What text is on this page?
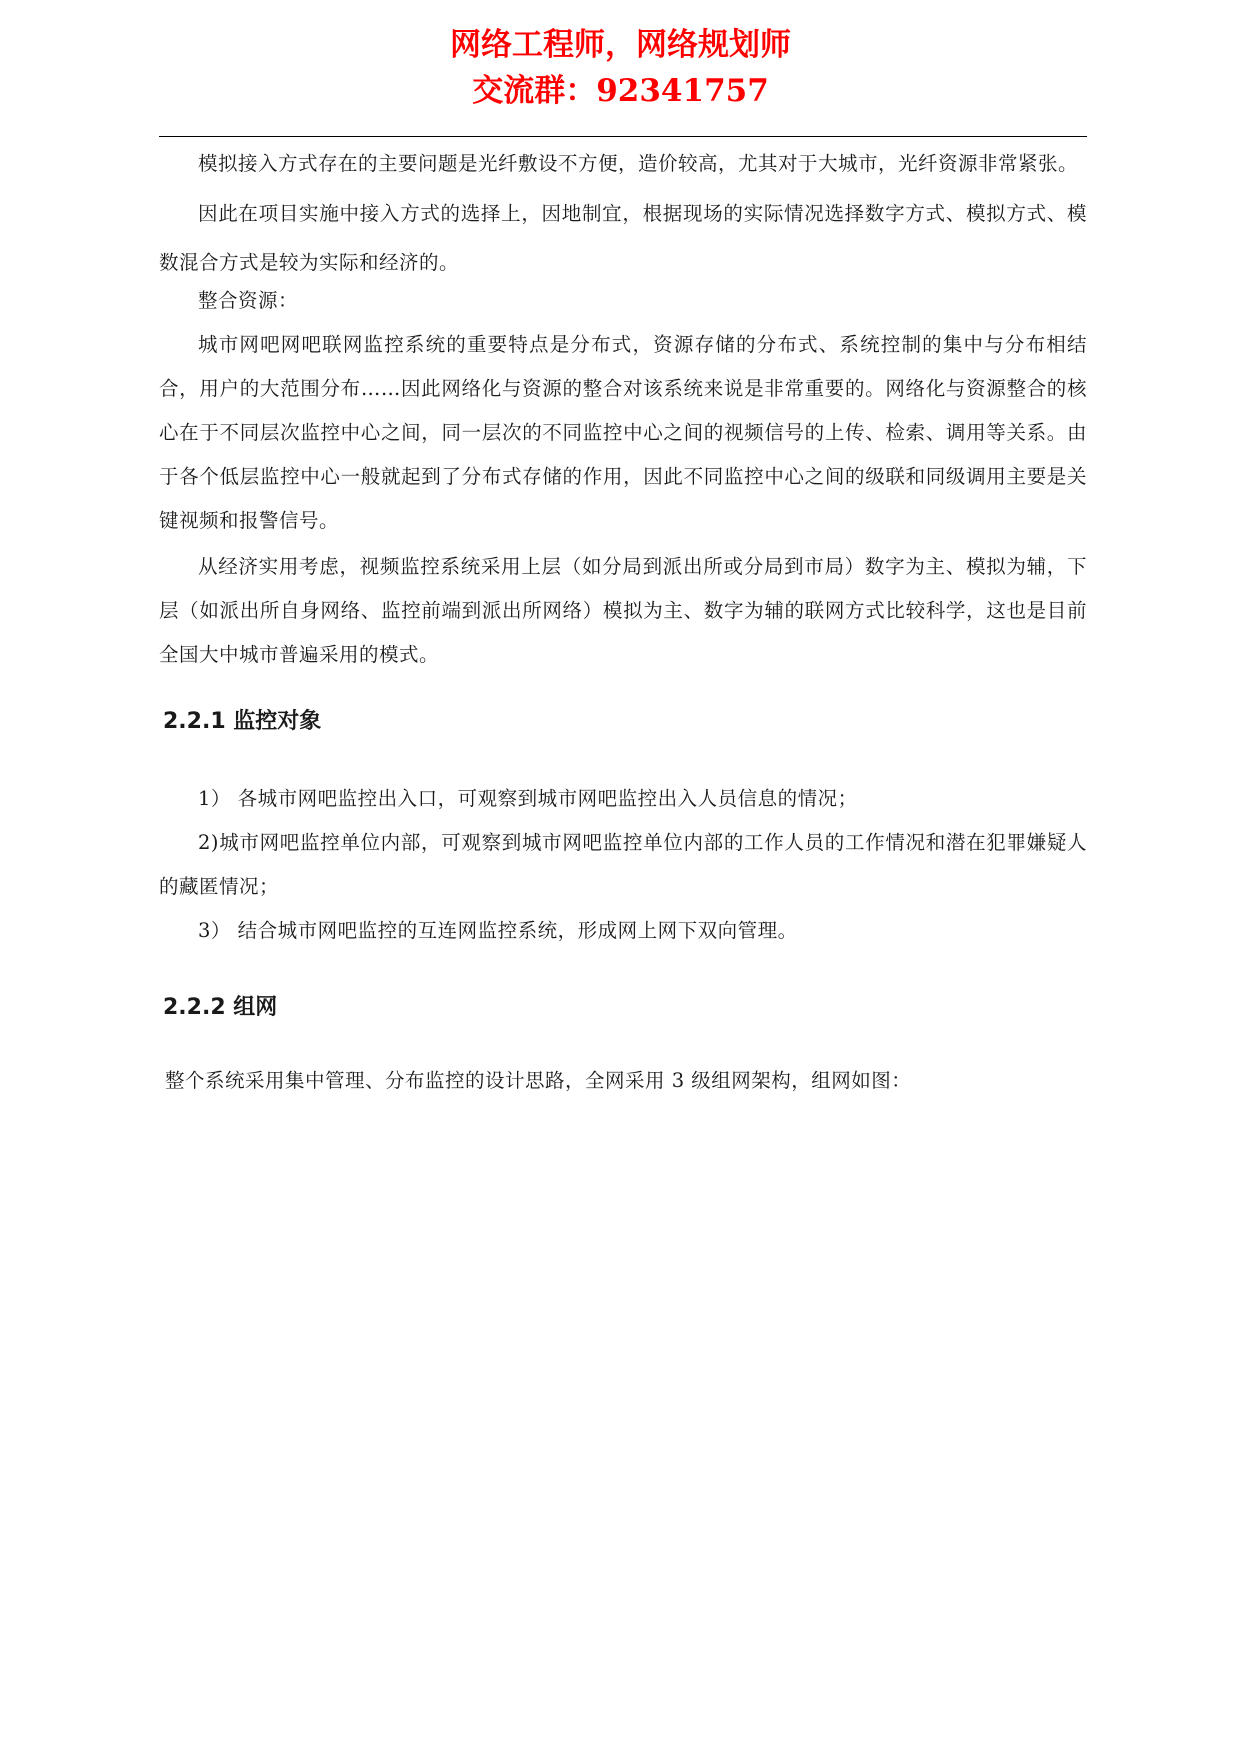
网络工程师，网络规划师
交流群：92341757

模拟接入方式存在的主要问题是光纤敷设不方便，造价较高，尤其对于大城市，光纤资源非常紧张。

因此在项目实施中接入方式的选择上，因地制宜，根据现场的实际情况选择数字方式、模拟方式、模数混合方式是较为实际和经济的。

整合资源：

城市网吧网吧联网监控系统的重要特点是分布式，资源存储的分布式、系统控制的集中与分布相结合，用户的大范围分布……因此网络化与资源的整合对该系统来说是非常重要的。网络化与资源整合的核心在于不同层次监控中心之间，同一层次的不同监控中心之间的视频信号的上传、检索、调用等关系。由于各个低层监控中心一般就起到了分布式存储的作用，因此不同监控中心之间的级联和同级调用主要是关键视频和报警信号。

从经济实用考虑，视频监控系统采用上层（如分局到派出所或分局到市局）数字为主、模拟为辅，下层（如派出所自身网络、监控前端到派出所网络）模拟为主、数字为辅的联网方式比较科学，这也是目前全国大中城市普遍采用的模式。

2.2.1 监控对象

1） 各城市网吧监控出入口，可观察到城市网吧监控出入人员信息的情况；

2)城市网吧监控单位内部，可观察到城市网吧监控单位内部的工作人员的工作情况和潜在犯罪嫌疑人的藏匿情况；

3） 结合城市网吧监控的互连网监控系统，形成网上网下双向管理。

2.2.2 组网

整个系统采用集中管理、分布监控的设计思路，全网采用 3 级组网架构，组网如图：
